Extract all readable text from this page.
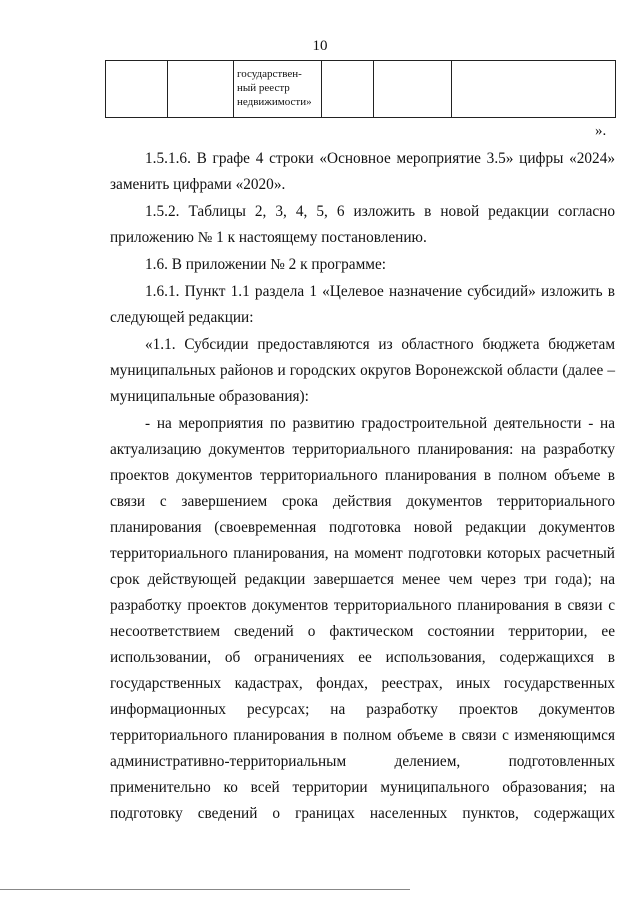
10
		государствен-ный реестр недвижимости»			
».

1.5.1.6. В графе 4 строки «Основное мероприятие 3.5» цифры «2024» заменить цифрами «2020».

1.5.2. Таблицы 2, 3, 4, 5, 6 изложить в новой редакции согласно приложению № 1 к настоящему постановлению.

1.6. В приложении № 2 к программе:

1.6.1. Пункт 1.1 раздела 1 «Целевое назначение субсидий» изложить в следующей редакции:

«1.1. Субсидии предоставляются из областного бюджета бюджетам муниципальных районов и городских округов Воронежской области (далее – муниципальные образования):

- на мероприятия по развитию градостроительной деятельности - на актуализацию документов территориального планирования: на разработку проектов документов территориального планирования в полном объеме в связи с завершением срока действия документов территориального планирования (своевременная подготовка новой редакции документов территориального планирования, на момент подготовки которых расчетный срок действующей редакции завершается менее чем через три года); на разработку проектов документов территориального планирования в связи с несоответствием сведений о фактическом состоянии территории, ее использовании, об ограничениях ее использования, содержащихся в государственных кадастрах, фондах, реестрах, иных государственных информационных ресурсах; на разработку проектов документов территориального планирования в полном объеме в связи с изменяющимся административно-территориальным делением, подготовленных применительно ко всей территории муниципального образования; на подготовку сведений о границах населенных пунктов, содержащих
